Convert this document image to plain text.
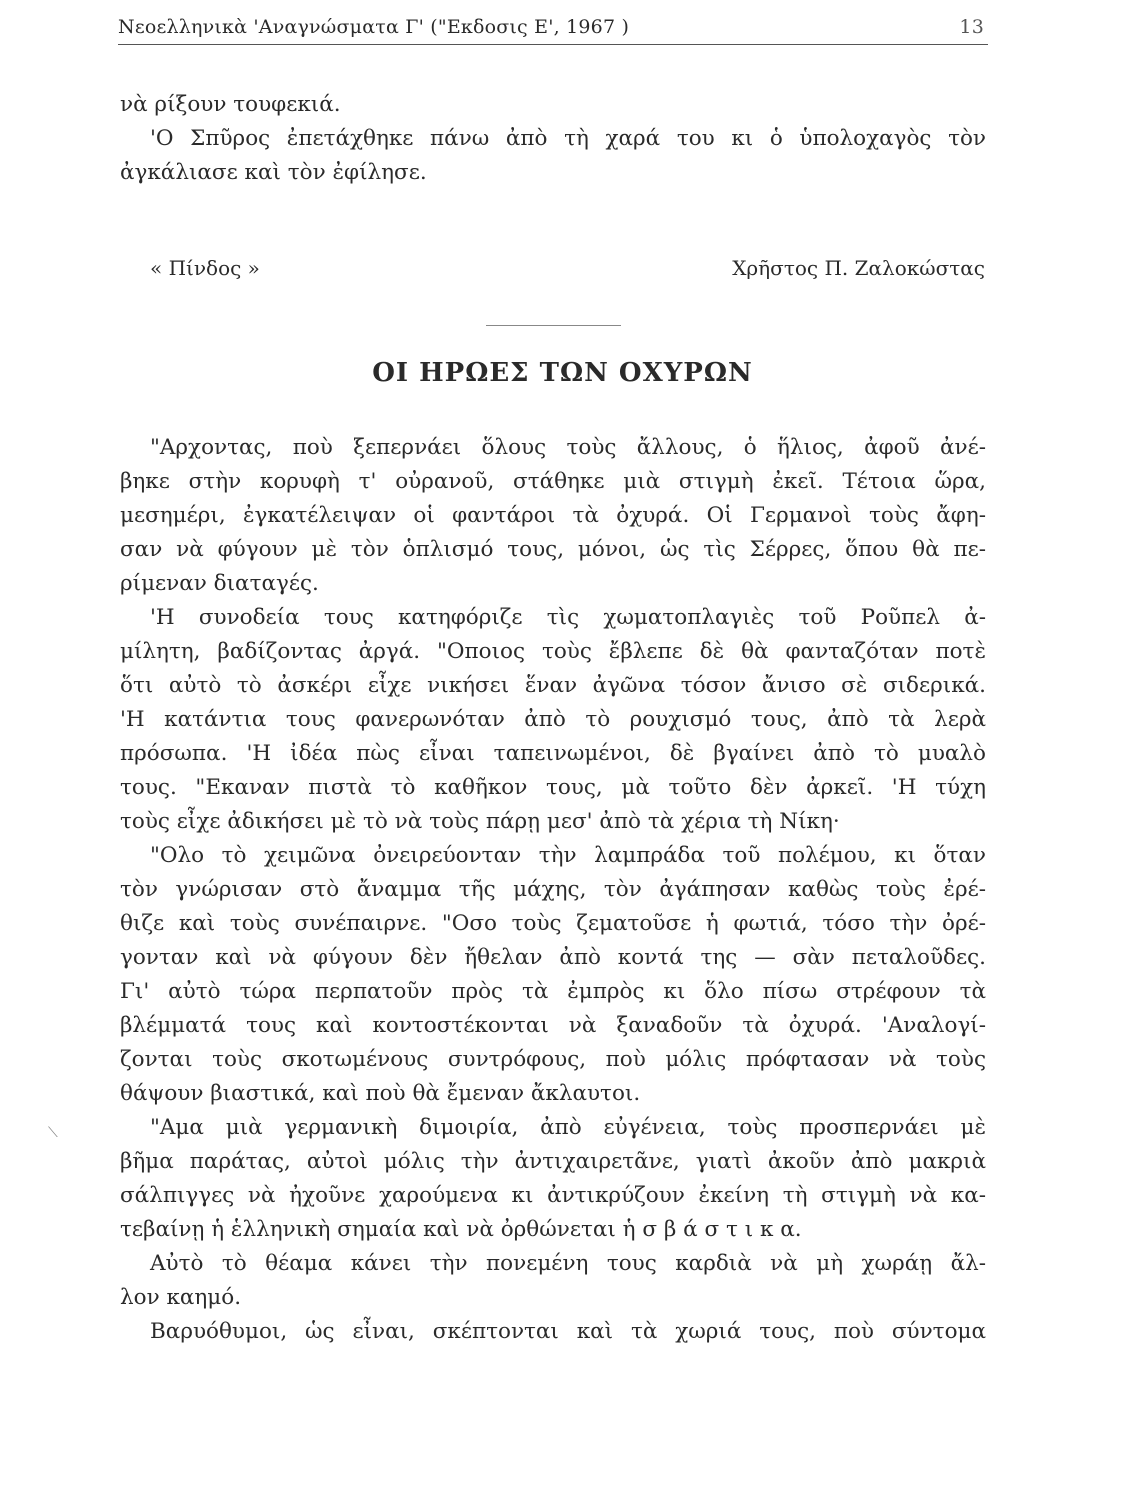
Νεοελληνικὰ 'Αναγνώσματα Γ' ("Εκδοσις Ε', 1967 )	13
νὰ ρίξουν τουφεκιά.
'Ο Σπῦρος ἐπετάχθηκε πάνω ἀπὸ τὴ χαρά του κι ὁ ὑπολοχαγὸς τὸν
ἀγκάλιασε καὶ τὸν ἐφίλησε.
« Πίνδος »	Χρῆστος Π. Ζαλοκώστας
ΟΙ ΗΡΩΕΣ ΤΩΝ ΟΧΥΡΩΝ
"Αρχοντας, ποὺ ξεπερνάει ὅλους τοὺς ἄλλους, ὁ ἥλιος, ἀφοῦ ἀνέ-
βηκε στὴν κορυφὴ τ' οὐρανοῦ, στάθηκε μιὰ στιγμὴ ἐκεῖ. Τέτοια ὥρα,
μεσημέρι, ἐγκατέλειψαν οἱ φαντάροι τὰ ὀχυρά. Οἱ Γερμανοὶ τοὺς ἄφη-
σαν νὰ φύγουν μὲ τὸν ὁπλισμό τους, μόνοι, ὡς τὶς Σέρρες, ὅπου θὰ πε-
ρίμεναν διαταγές.
'Η συνοδεία τους κατηφόριζε τὶς χωματοπλαγιὲς τοῦ Ροῦπελ ἀ-
μίλητη, βαδίζοντας ἀργά. "Οποιος τοὺς ἔβλεπε δὲ θὰ φανταζόταν ποτὲ
ὅτι αὐτὸ τὸ ἀσκέρι εἶχε νικήσει ἕναν ἀγῶνα τόσον ἄνισο σὲ σιδερικά.
'Η κατάντια τους φανερωνόταν ἀπὸ τὸ ρουχισμό τους, ἀπὸ τὰ λερὰ
πρόσωπα. 'Η ἰδέα πὼς εἶναι ταπεινωμένοι, δὲ βγαίνει ἀπὸ τὸ μυαλὸ
τους. "Εκαναν πιστὰ τὸ καθῆκον τους, μὰ τοῦτο δὲν ἀρκεῖ. 'Η τύχη
τοὺς εἶχε ἀδικήσει μὲ τὸ νὰ τοὺς πάρῃ μεσ' ἀπὸ τὰ χέρια τὴ Νίκη·
"Ολο τὸ χειμῶνα ὀνειρεύονταν τὴν λαμπράδα τοῦ πολέμου, κι ὅταν
τὸν γνώρισαν στὸ ἄναμμα τῆς μάχης, τὸν ἀγάπησαν καθὼς τοὺς ἐρέ-
θιζε καὶ τοὺς συνέπαιρνε. "Οσο τοὺς ζεματοῦσε ἡ φωτιά, τόσο τὴν ὀρέ-
γονταν καὶ νὰ φύγουν δὲν ἤθελαν ἀπὸ κοντά της — σὰν πεταλοῦδες.
Γι' αὐτὸ τώρα περπατοῦν πρὸς τὰ ἐμπρὸς κι ὅλο πίσω στρέφουν τὰ
βλέμματά τους καὶ κοντοστέκονται νὰ ξαναδοῦν τὰ ὀχυρά. 'Αναλογί-
ζονται τοὺς σκοτωμένους συντρόφους, ποὺ μόλις πρόφτασαν νὰ τοὺς
θάψουν βιαστικά, καὶ ποὺ θὰ ἔμεναν ἄκλαυτοι.
"Αμα μιὰ γερμανικὴ διμοιρία, ἀπὸ εὐγένεια, τοὺς προσπερνάει μὲ
βῆμα παράτας, αὐτοὶ μόλις τὴν ἀντιχαιρετᾶνε, γιατὶ ἀκοῦν ἀπὸ μακριὰ
σάλπιγγες νὰ ἠχοῦνε χαρούμενα κι ἀντικρύζουν ἐκείνη τὴ στιγμὴ νὰ κα-
τεβαίνῃ ἡ ἑλληνικὴ σημαία καὶ νὰ ὀρθώνεται ἡ σ β ά σ τ ι κ α.
Αὐτὸ τὸ θέαμα κάνει τὴν πονεμένη τους καρδιὰ νὰ μὴ χωράῃ ἄλ-
λον καημό.
Βαρυόθυμοι, ὡς εἶναι, σκέπτονται καὶ τὰ χωριά τους, ποὺ σύντομα
⟍
